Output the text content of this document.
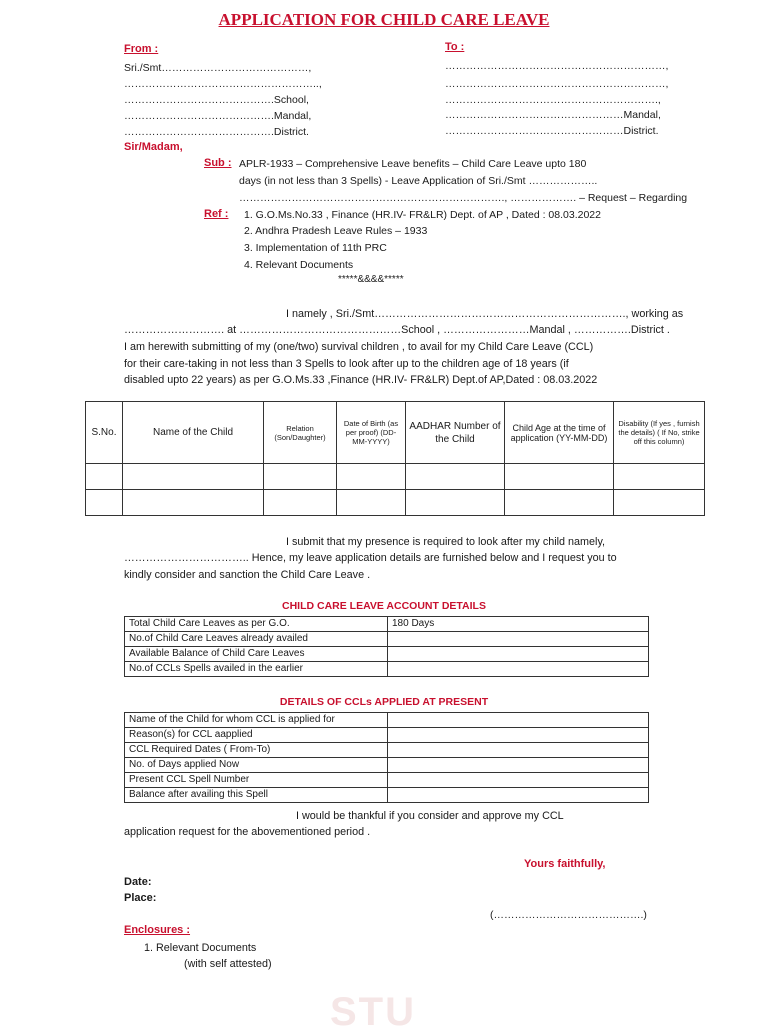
APPLICATION FOR CHILD CARE LEAVE
From :
Sri./Smt……………………………………,
………………………………………………..,
…………………………………….School,
…………………………………….Mandal,
…………………………………….District.
To :
………………………………………………………,
………………………………………………………,
…………………………………………………….,
……………………………………………Mandal,
……………………………………………District.
Sir/Madam,
Sub : APLR-1933 – Comprehensive Leave benefits – Child Care Leave upto 180
days (in not less than 3 Spells) - Leave Application of Sri./Smt ………………..
…………………………………………………………………., ………………. – Request – Regarding
Ref : 1. G.O.Ms.No.33 , Finance (HR.IV- FR&LR) Dept. of AP , Dated : 08.03.2022
2. Andhra Pradesh Leave Rules – 1933
3. Implementation of 11th PRC
4. Relevant Documents
*****&&&&*****
I namely , Sri./Smt……………………………………………………………., working as
………………………. at ………………………………………School , ……………………Mandal , …………….District .
I am herewith submitting of my (one/two) survival children , to avail for my Child Care Leave (CCL)
for their care-taking in not less than 3 Spells to look after up to the children age of 18 years (if
disabled upto 22 years) as per G.O.Ms.33 ,Finance (HR.IV- FR&LR) Dept.of AP,Dated : 08.03.2022
S.No.	Name of the Child	Relation (Son/Daughter)	Date of Birth (as per proof) (DD-MM-YYYY)	AADHAR Number of the Child	Child Age at the time of application (YY-MM-DD)	Disability (If yes , furnish the details) ( If No, strike off this column)

I submit that my presence is required to look after my child namely,
…………………………….. Hence, my leave application details are furnished below and I request you to
kindly consider and sanction the Child Care Leave .
CHILD CARE LEAVE ACCOUNT DETAILS
Total Child Care Leaves as per G.O.	180 Days
No.of Child Care Leaves already availed	
Available Balance of Child Care Leaves	
No.of CCLs Spells availed in the earlier	
DETAILS OF CCLs APPLIED AT PRESENT
Name of the Child for whom CCL is applied for	
Reason(s) for CCL aapplied	
CCL Required Dates ( From-To)	
No. of Days applied Now	
Present CCL Spell Number	
Balance after availing this Spell	
I would be thankful if you consider and approve my CCL
application request for the abovementioned period .
Yours faithfully,
Date:
Place:
(…………………………………….)
Enclosures :
1. Relevant Documents
(with self attested)
STU
